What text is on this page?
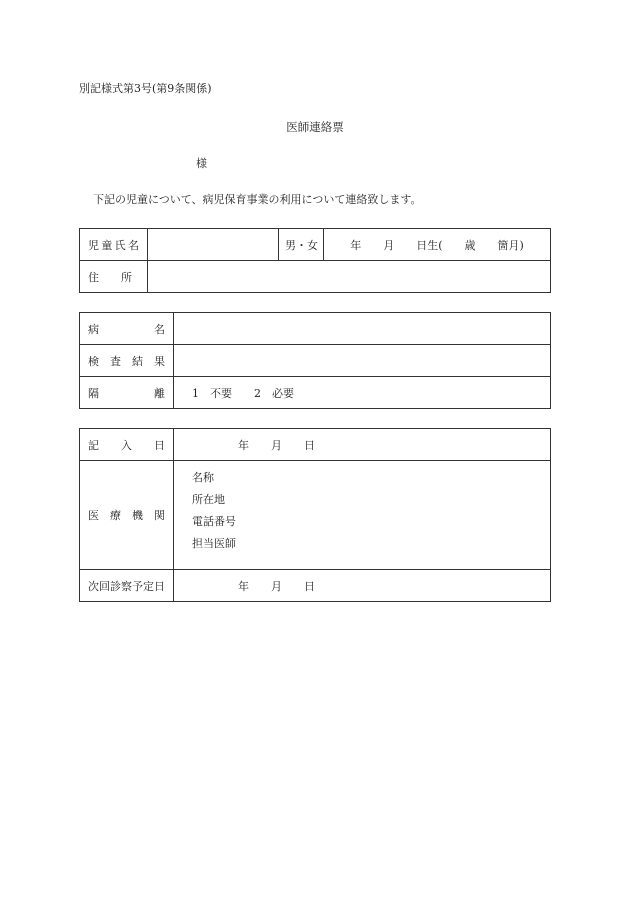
別記様式第3号(第9条関係)
医師連絡票
様
下記の児童について、病児保育事業の利用について連絡致します。
児童氏名		男・女	年　　月　　日生(　　歳　　箇月)
住　　所			
病 名	

検査結果	

隔 離	1　不要　　2　必要
記入日	年　　月　　日

医療機関	名称
所在地
電話番号
担当医師

次回診察予定日	年　　月　　日
